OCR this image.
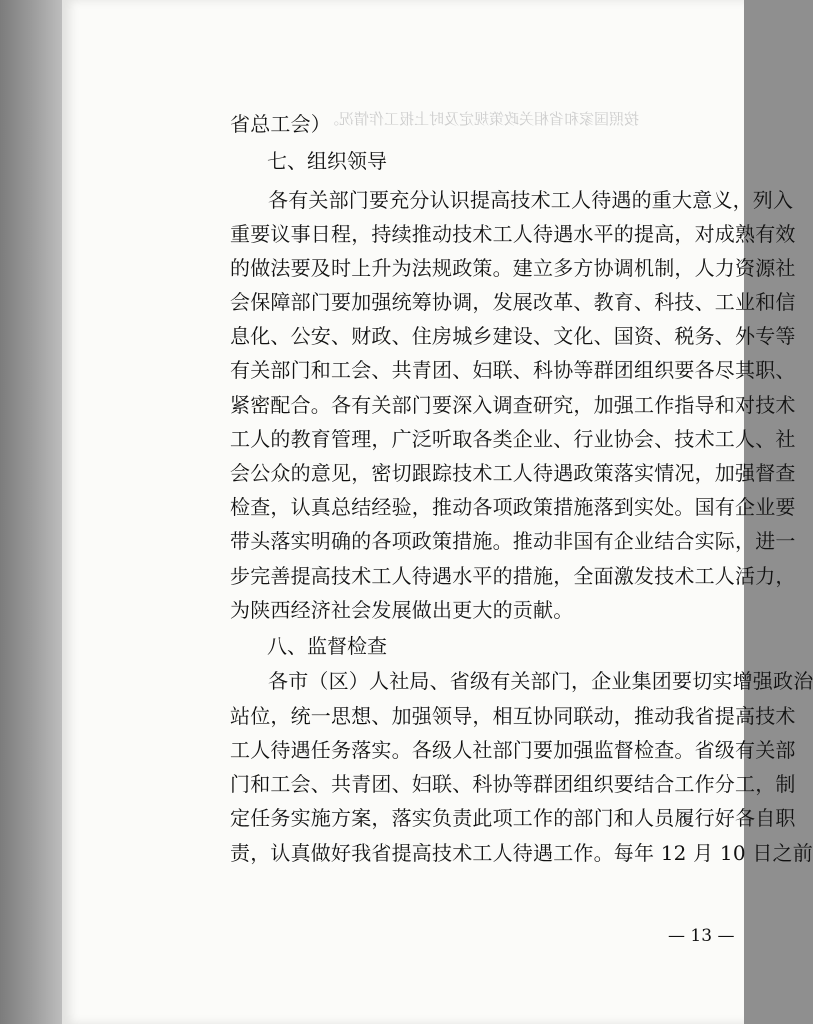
按照国家和省相关政策规定及时上报工作情况。
省总工会）
七、组织领导
各有关部门要充分认识提高技术工人待遇的重大意义，列入
重要议事日程，持续推动技术工人待遇水平的提高，对成熟有效
的做法要及时上升为法规政策。建立多方协调机制，人力资源社
会保障部门要加强统筹协调，发展改革、教育、科技、工业和信
息化、公安、财政、住房城乡建设、文化、国资、税务、外专等
有关部门和工会、共青团、妇联、科协等群团组织要各尽其职、
紧密配合。各有关部门要深入调查研究，加强工作指导和对技术
工人的教育管理，广泛听取各类企业、行业协会、技术工人、社
会公众的意见，密切跟踪技术工人待遇政策落实情况，加强督查
检查，认真总结经验，推动各项政策措施落到实处。国有企业要
带头落实明确的各项政策措施。推动非国有企业结合实际，进一
步完善提高技术工人待遇水平的措施，全面激发技术工人活力，
为陕西经济社会发展做出更大的贡献。
八、监督检查
各市（区）人社局、省级有关部门，企业集团要切实增强政治
站位，统一思想、加强领导，相互协同联动，推动我省提高技术
工人待遇任务落实。各级人社部门要加强监督检查。省级有关部
门和工会、共青团、妇联、科协等群团组织要结合工作分工，制
定任务实施方案，落实负责此项工作的部门和人员履行好各自职
责，认真做好我省提高技术工人待遇工作。每年 12 月 10 日之前
— 13 —
